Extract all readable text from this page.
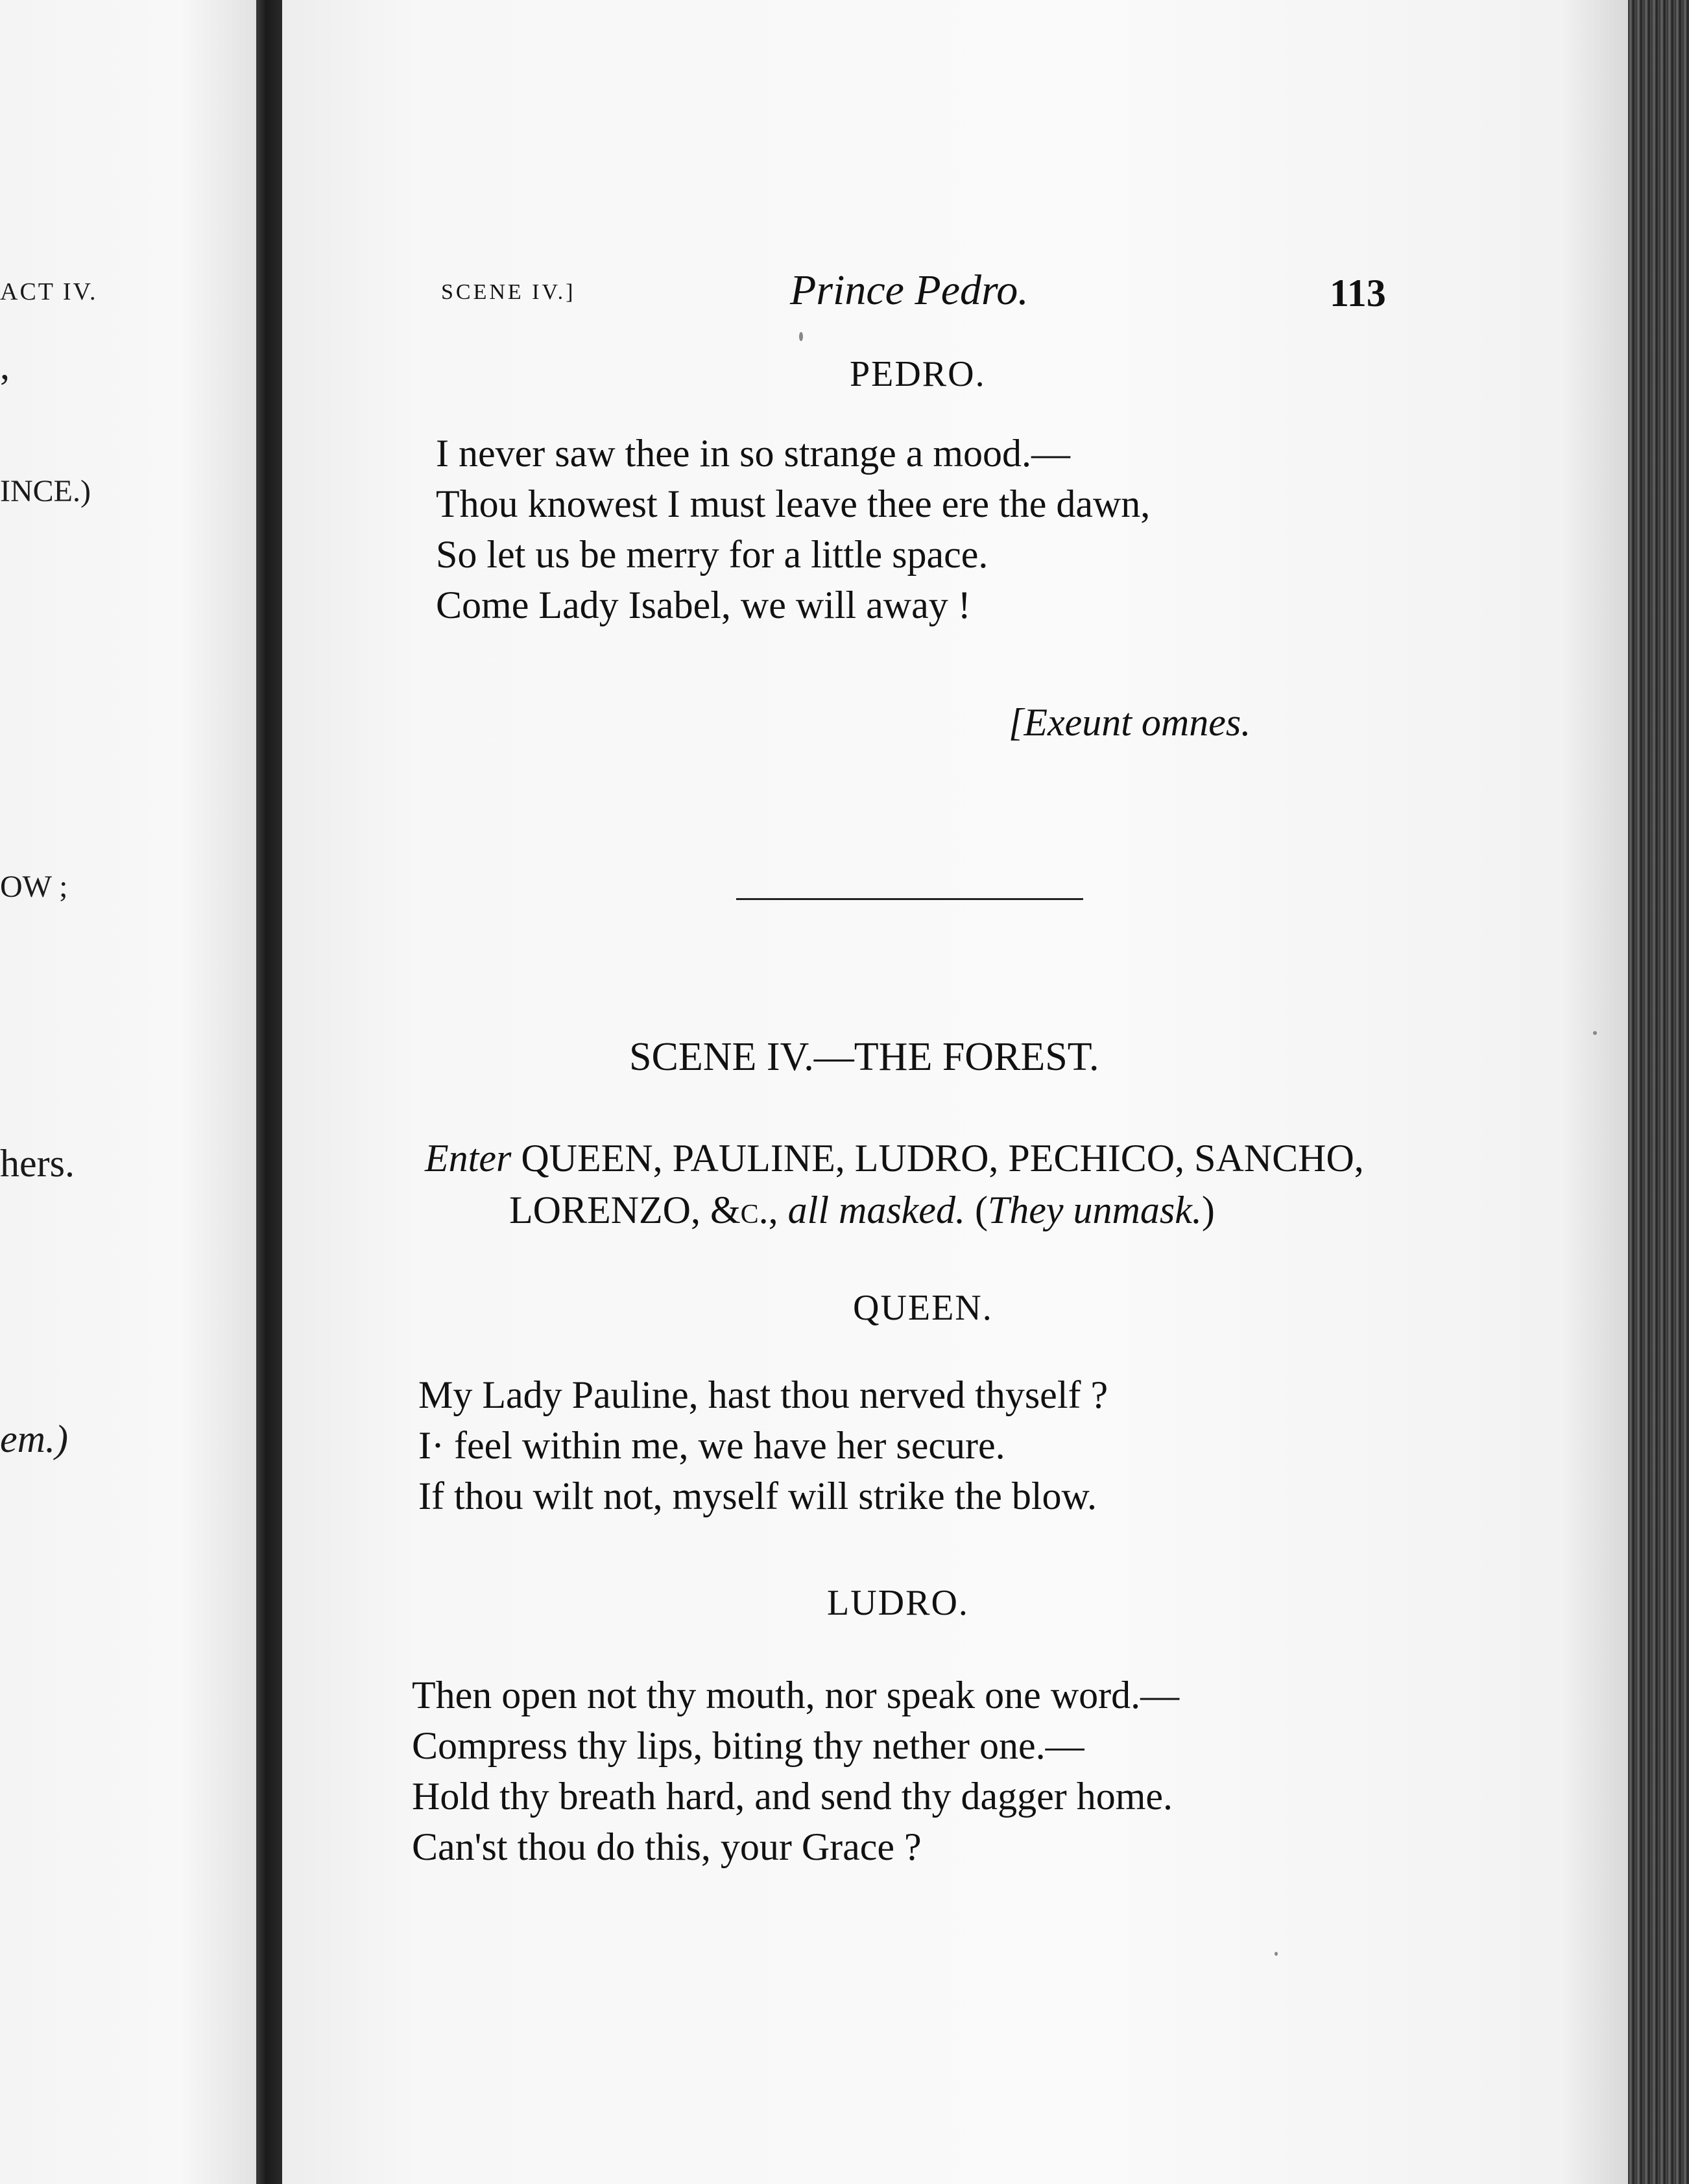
ACT IV.
,
INCE.)
OW ;
hers.
em.)
SCENE IV.]	Prince Pedro.	113
PEDRO.
I never saw thee in so strange a mood.—
Thou knowest I must leave thee ere the dawn,
So let us be merry for a little space.
Come Lady Isabel, we will away !
[Exeunt omnes.
SCENE IV.—THE FOREST.
Enter QUEEN, PAULINE, LUDRO, PECHICO, SANCHO,
LORENZO, &c., all masked. (They unmask.)
QUEEN.
My Lady Pauline, hast thou nerved thyself ?
I· feel within me, we have her secure.
If thou wilt not, myself will strike the blow.
LUDRO.
Then open not thy mouth, nor speak one word.—
Compress thy lips, biting thy nether one.—
Hold thy breath hard, and send thy dagger home.
Can'st thou do this, your Grace ?
